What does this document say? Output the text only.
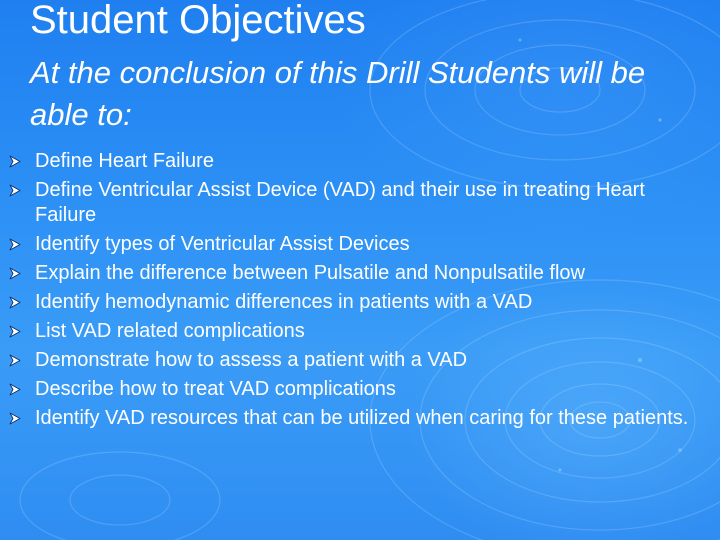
Student Objectives
At the conclusion of this Drill Students will be able to:
Define Heart Failure
Define Ventricular Assist Device (VAD) and their use in treating Heart Failure
Identify types of Ventricular Assist Devices
Explain the difference between Pulsatile and Nonpulsatile flow
Identify hemodynamic differences in patients with a VAD
List VAD related complications
Demonstrate how to assess a patient with a VAD
Describe how to treat VAD complications
Identify VAD resources that can be utilized when caring for these patients.
